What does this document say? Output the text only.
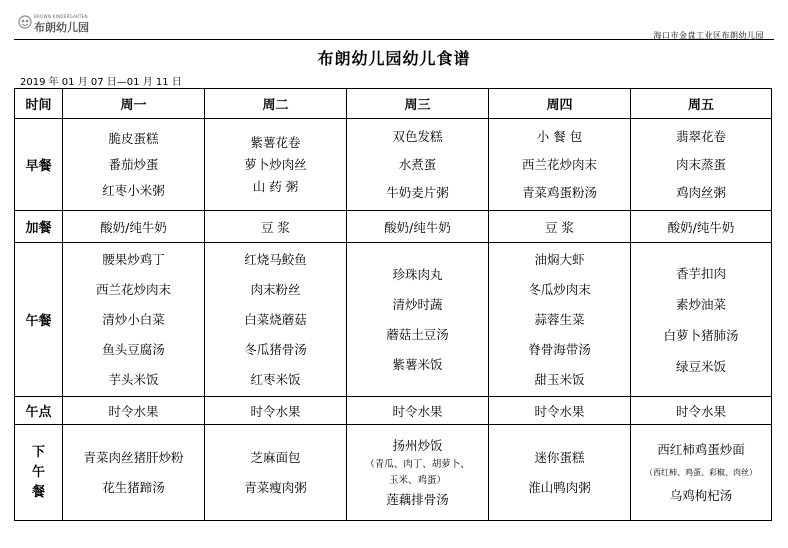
BROWN KINDERGARTEN
布朗幼儿园
海口市金盘工业区布朗幼儿园
布朗幼儿园幼儿食谱
2019 年 01 月 07 日—01 月 11 日
时间	周一	周二	周三	周四	周五
早餐	脆皮蛋糕
番茄炒蛋
红枣小米粥	紫薯花卷
萝卜炒肉丝
山 药 粥	双色发糕
水煮蛋
牛奶麦片粥	小 餐 包
西兰花炒肉末
青菜鸡蛋粉汤	翡翠花卷
肉末蒸蛋
鸡肉丝粥

加餐	酸奶/纯牛奶	豆 浆	酸奶/纯牛奶	豆 浆	酸奶/纯牛奶
午餐	腰果炒鸡丁
西兰花炒肉末
清炒小白菜
鱼头豆腐汤
芋头米饭	红烧马鲛鱼
肉末粉丝
白菜烧蘑菇
冬瓜猪骨汤
红枣米饭	珍珠肉丸
清炒时蔬
蘑菇土豆汤
紫薯米饭	油焖大虾
冬瓜炒肉末
蒜蓉生菜
脊骨海带汤
甜玉米饭	香芋扣肉
素炒油菜
白萝卜猪肺汤
绿豆米饭

午点	时令水果	时令水果	时令水果	时令水果	时令水果

下
午
餐	青菜肉丝猪肝炒粉
花生猪蹄汤	芝麻面包
青菜瘦肉粥	扬州炒饭
（青瓜、肉丁、胡萝卜、
玉米、鸡蛋）
莲藕排骨汤	迷你蛋糕
淮山鸭肉粥	西红柿鸡蛋炒面
（西红柿、鸡蛋、彩椒、肉丝）
乌鸡枸杞汤
